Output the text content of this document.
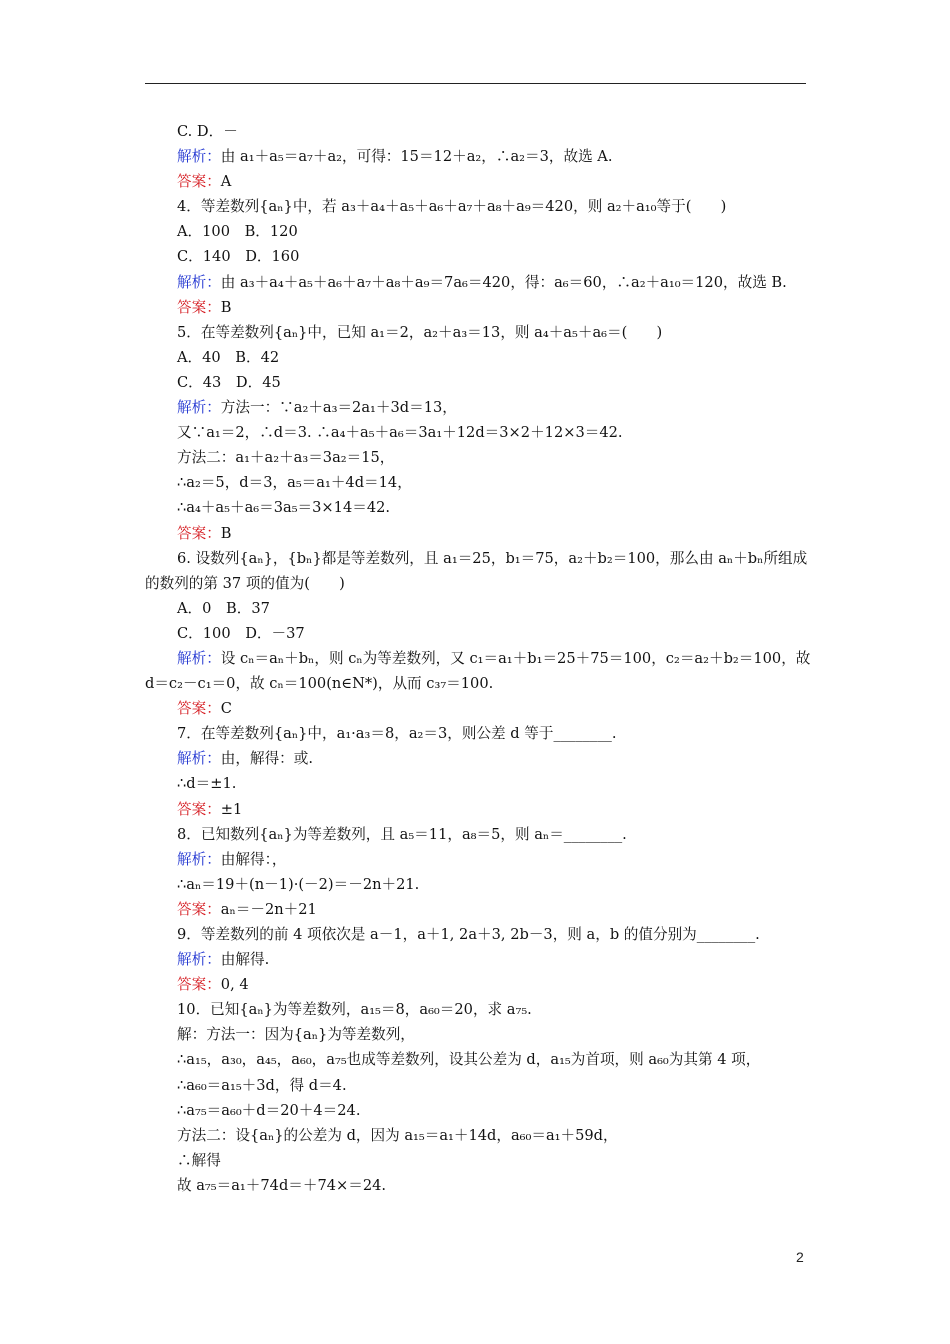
C. D．－
解析：由 a₁＋a₅＝a₇＋a₂，可得：15＝12＋a₂，∴a₂＝3，故选 A.
答案：A
4．等差数列{aₙ}中，若 a₃＋a₄＋a₅＋a₆＋a₇＋a₈＋a₉＝420，则 a₂＋a₁₀等于(　　)
A．100　B．120
C．140　D．160
解析：由 a₃＋a₄＋a₅＋a₆＋a₇＋a₈＋a₉＝7a₆＝420，得：a₆＝60，∴a₂＋a₁₀＝120，故选 B.
答案：B
5．在等差数列{aₙ}中，已知 a₁＝2，a₂＋a₃＝13，则 a₄＋a₅＋a₆＝(　　)
A．40　B．42
C．43　D．45
解析：方法一：∵a₂＋a₃＝2a₁＋3d＝13，
又∵a₁＝2，∴d＝3. ∴a₄＋a₅＋a₆＝3a₁＋12d＝3×2＋12×3＝42.
方法二：a₁＋a₂＋a₃＝3a₂＝15，
∴a₂＝5，d＝3，a₅＝a₁＋4d＝14，
∴a₄＋a₅＋a₆＝3a₅＝3×14＝42.
答案：B
6. 设数列{aₙ}，{bₙ}都是等差数列，且 a₁＝25，b₁＝75，a₂＋b₂＝100，那么由 aₙ＋bₙ所组成
的数列的第 37 项的值为(　　)
A．0　B．37
C．100　D．－37
解析：设 cₙ＝aₙ＋bₙ，则 cₙ为等差数列，又 c₁＝a₁＋b₁＝25＋75＝100，c₂＝a₂＋b₂＝100，故
d＝c₂－c₁＝0，故 cₙ＝100(n∈N*)，从而 c₃₇＝100.
答案：C
7．在等差数列{aₙ}中，a₁·a₃＝8，a₂＝3，则公差 d 等于________.
解析：由，解得：或.
∴d＝±1.
答案：±1
8．已知数列{aₙ}为等差数列，且 a₅＝11，a₈＝5，则 aₙ＝________.
解析：由解得：，
∴aₙ＝19＋(n－1)·(－2)＝－2n＋21.
答案：aₙ＝－2n＋21
9．等差数列的前 4 项依次是 a－1，a＋1, 2a＋3, 2b－3，则 a，b 的值分别为________.
解析：由解得.
答案：0, 4
10．已知{aₙ}为等差数列，a₁₅＝8，a₆₀＝20，求 a₇₅.
解：方法一：因为{aₙ}为等差数列，
∴a₁₅，a₃₀，a₄₅，a₆₀，a₇₅也成等差数列，设其公差为 d，a₁₅为首项，则 a₆₀为其第 4 项，
∴a₆₀＝a₁₅＋3d，得 d＝4.
∴a₇₅＝a₆₀＋d＝20＋4＝24.
方法二：设{aₙ}的公差为 d，因为 a₁₅＝a₁＋14d，a₆₀＝a₁＋59d，
∴解得
故 a₇₅＝a₁＋74d＝＋74×＝24.
2
